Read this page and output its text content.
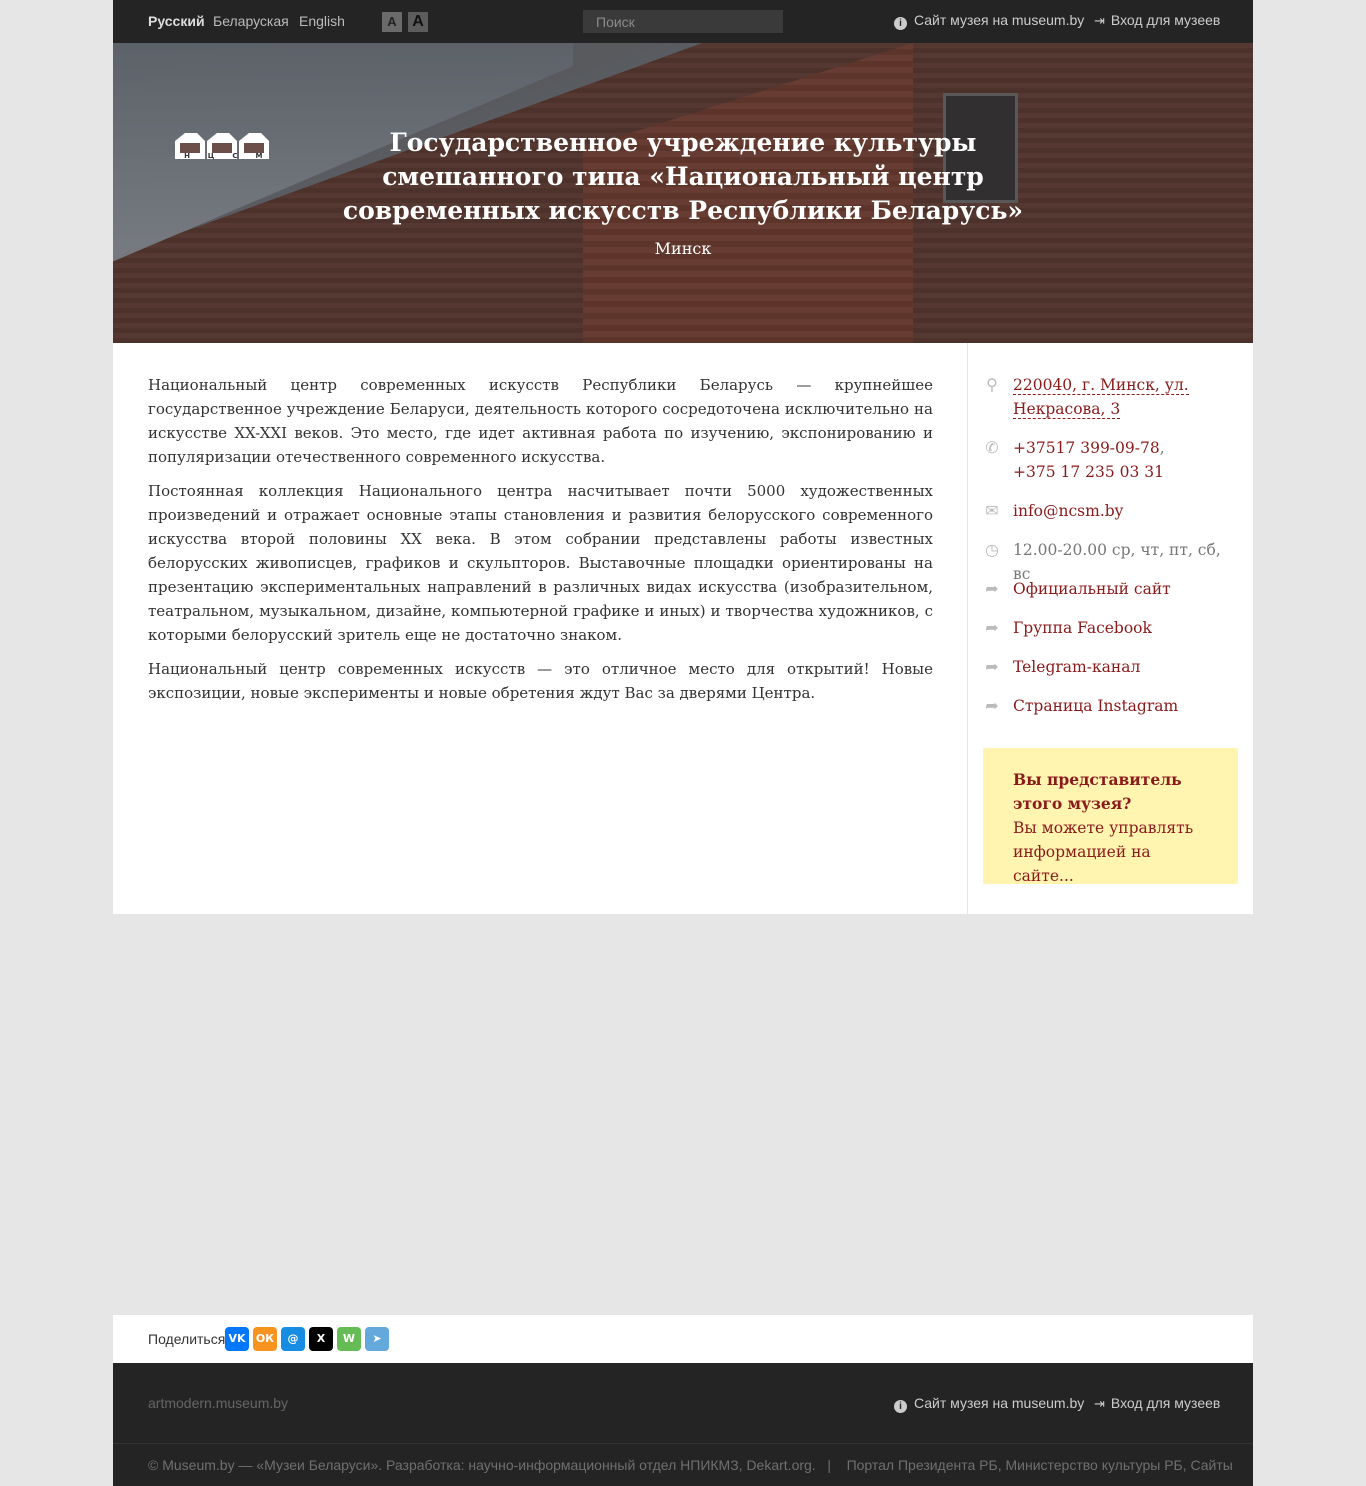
Русский Беларуская English	A A
Поиск	i Сайт музея на museum.by ⇥ Вход для музеев
Н	Ц	С	М	Государственное учреждение культуры смешанного типа «Национальный центр современных искусств Республики Беларусь»
Минск

Национальный центр современных искусств Республики Беларусь — крупнейшее государственное учреждение Беларуси, деятельность которого сосредоточена исключительно на искусстве XX-XXI веков. Это место, где идет активная работа по изучению, экспонированию и популяризации отечественного современного искусства.

Постоянная коллекция Национального центра насчитывает почти 5000 художественных произведений и отражает основные этапы становления и развития белорусского современного искусства второй половины XX века. В этом собрании представлены работы известных белорусских живописцев, графиков и скульпторов. Выставочные площадки ориентированы на презентацию экспериментальных направлений в различных видах искусства (изобразительном, театральном, музыкальном, дизайне, компьютерной графике и иных) и творчества художников, с которыми белорусский зритель еще не достаточно знаком.

Национальный центр современных искусств — это отличное место для открытий! Новые экспозиции, новые эксперименты и новые обретения ждут Вас за дверями Центра.

⚲ 220040, г. Минск, ул. Некрасова, 3
✆ +37517 399-09-78,
+375 17 235 03 31
✉ info@ncsm.by
◷ 12.00-20.00 ср, чт, пт, сб, вс
➦ Официальный сайт
➦ Группа Facebook
➦ Telegram-канал
➦ Страница Instagram
Вы представитель этого музея?
Вы можете управлять информацией на сайте...
Поделиться VK ОК	@	X	W	➤
artmodern.museum.by	i Сайт музея на museum.by ⇥ Вход для музеев
© Museum.by — «Музеи Беларуси». Разработка: научно-информационный отдел НПИКМЗ, Dekart.org. | Портал Президента РБ, Министерство культуры РБ, Сайты
